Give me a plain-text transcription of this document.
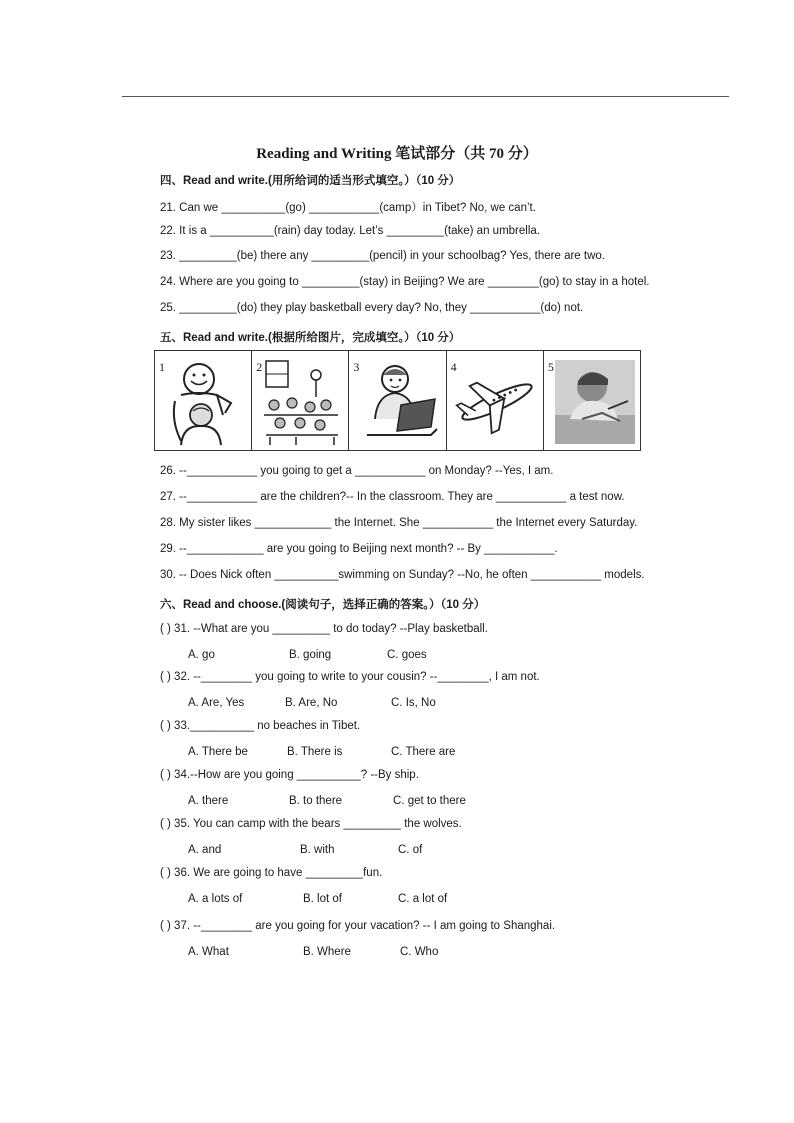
Reading and Writing 笔试部分（共 70 分）
四、Read and write.(用所给词的适当形式填空。）（10 分）
21. Can we __________(go) ___________(camp）in Tibet? No, we can’t.
22. It is a __________(rain) day today. Let’s _________(take) an umbrella.
23. _________(be) there any _________(pencil) in your schoolbag? Yes, there are two.
24. Where are you going to _________(stay) in Beijing? We are ________(go) to stay in a hotel.
25. _________(do) they play basketball every day? No, they ___________(do) not.
五、Read and write.(根据所给图片，完成填空。）（10 分）
1	2	3	4	5
26. --___________ you going to get a ___________ on Monday? --Yes, I am.
27. --___________ are the children?-- In the classroom. They are ___________ a test now.
28. My sister likes ____________ the Internet. She ___________ the Internet every Saturday.
29. --____________ are you going to Beijing next month? -- By ___________.
30. -- Does Nick often __________swimming on Sunday? --No, he often ___________ models.
六、Read and choose.(阅读句子，选择正确的答案。）（10 分）
( ) 31. --What are you _________ to do today? --Play basketball.
A. go	B. going	C. goes
( ) 32. --________ you going to write to your cousin? --________, I am not.
A. Are, Yes	B. Are, No	C. Is, No
( ) 33.__________ no beaches in Tibet.
A. There be	B. There is	C. There are
( ) 34.--How are you going __________? --By ship.
A. there	B. to there	C. get to there
( ) 35. You can camp with the bears _________ the wolves.
A. and	B. with	C. of
( ) 36. We are going to have _________fun.
A. a lots of	B. lot of	C. a lot of
( ) 37. --________ are you going for your vacation? -- I am going to Shanghai.
A. What	B. Where	C. Who
